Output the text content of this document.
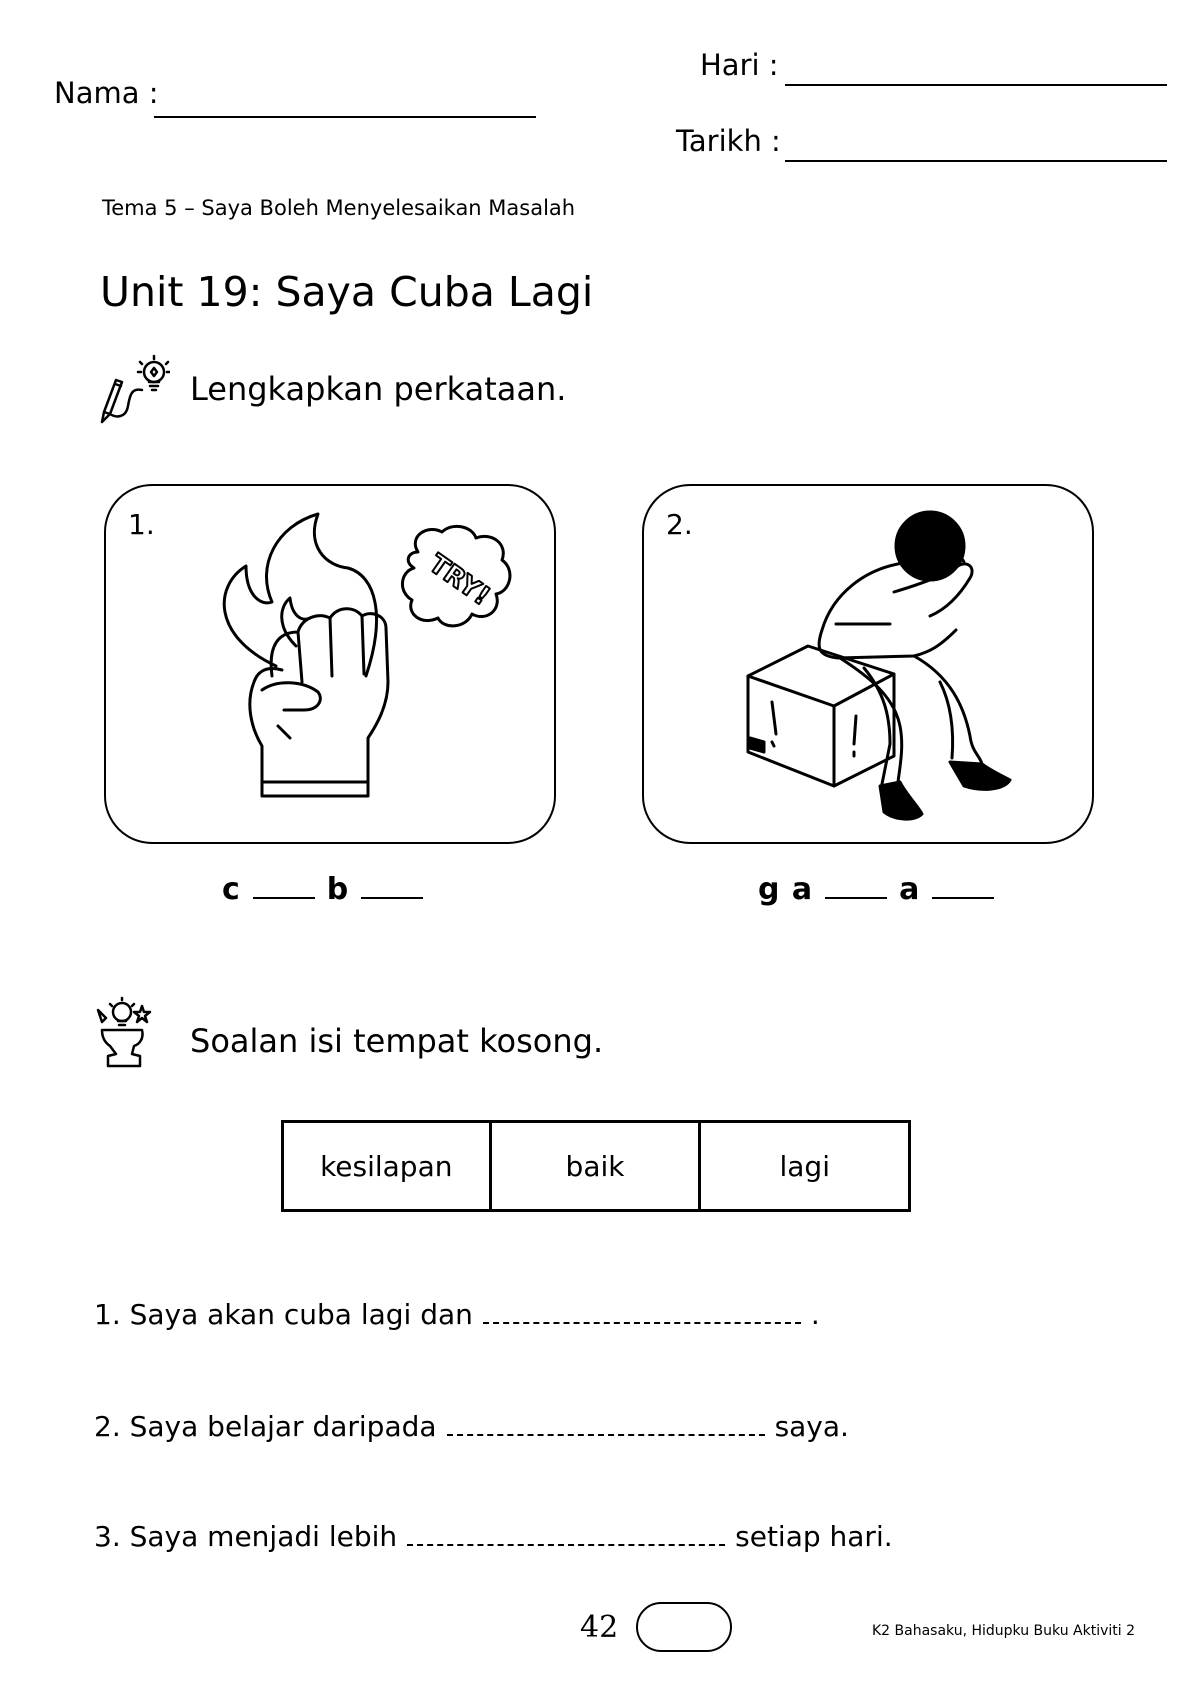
Hari :
Nama :
Tarikh :
Tema 5 – Saya Boleh Menyelesaikan Masalah
Unit 19: Saya Cuba Lagi
Lengkapkan perkataan.
1.
TRY!
2.
c	b	g a	a
Soalan isi tempat kosong.
kesilapan	baik	lagi
1. Saya akan cuba lagi dan	.
2. Saya belajar daripada	saya.
3. Saya menjadi lebih	setiap hari.
42	K2 Bahasaku, Hidupku Buku Aktiviti 2
